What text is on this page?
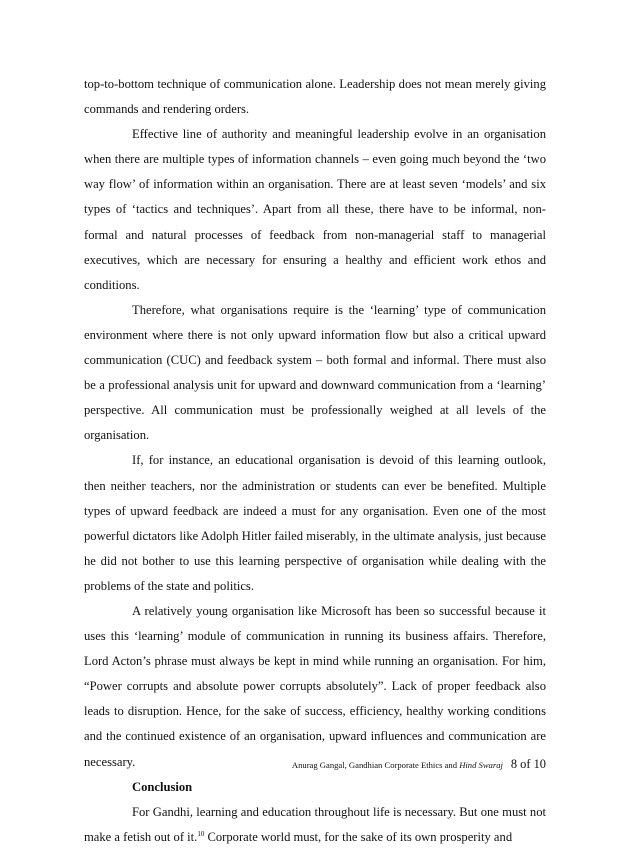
top-to-bottom technique of communication alone. Leadership does not mean merely giving commands and rendering orders.

Effective line of authority and meaningful leadership evolve in an organisation when there are multiple types of information channels – even going much beyond the ‘two way flow’ of information within an organisation. There are at least seven ‘models’ and six types of ‘tactics and techniques’. Apart from all these, there have to be informal, non-formal and natural processes of feedback from non-managerial staff to managerial executives, which are necessary for ensuring a healthy and efficient work ethos and conditions.

Therefore, what organisations require is the ‘learning’ type of communication environment where there is not only upward information flow but also a critical upward communication (CUC) and feedback system – both formal and informal. There must also be a professional analysis unit for upward and downward communication from a ‘learning’ perspective. All communication must be professionally weighed at all levels of the organisation.

If, for instance, an educational organisation is devoid of this learning outlook, then neither teachers, nor the administration or students can ever be benefited. Multiple types of upward feedback are indeed a must for any organisation. Even one of the most powerful dictators like Adolph Hitler failed miserably, in the ultimate analysis, just because he did not bother to use this learning perspective of organisation while dealing with the problems of the state and politics.

A relatively young organisation like Microsoft has been so successful because it uses this ‘learning’ module of communication in running its business affairs. Therefore, Lord Acton’s phrase must always be kept in mind while running an organisation. For him, “Power corrupts and absolute power corrupts absolutely”. Lack of proper feedback also leads to disruption. Hence, for the sake of success, efficiency, healthy working conditions and the continued existence of an organisation, upward influences and communication are necessary.

Conclusion

For Gandhi, learning and education throughout life is necessary. But one must not make a fetish out of it.$^{10}$ Corporate world must, for the sake of its own prosperity and

Anurag Gangal, Gandhian Corporate Ethics and Hind Swaraj 8 of 10
